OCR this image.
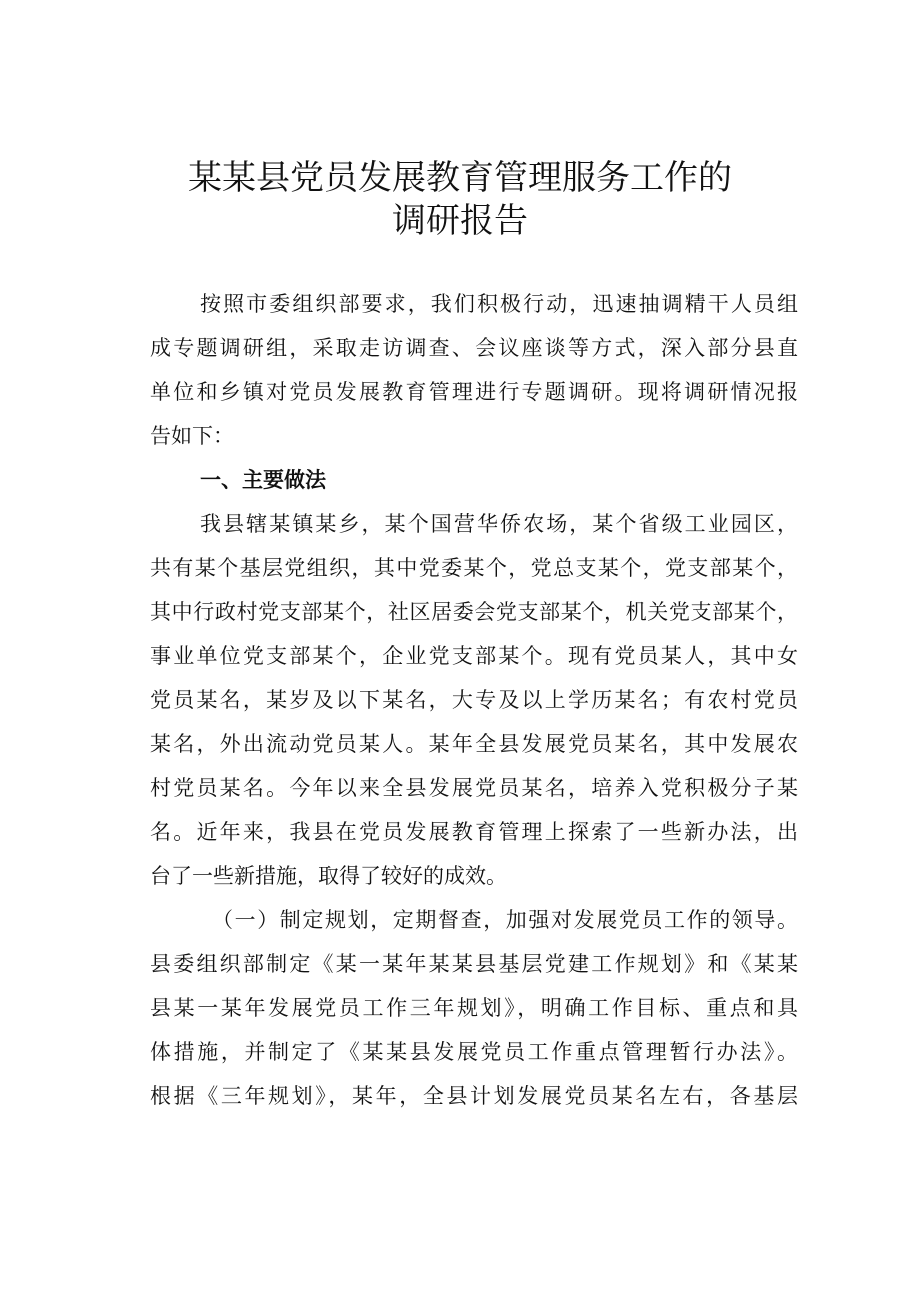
某某县党员发展教育管理服务工作的
调研报告
按照市委组织部要求，我们积极行动，迅速抽调精干人员组
成专题调研组，采取走访调查、会议座谈等方式，深入部分县直
单位和乡镇对党员发展教育管理进行专题调研。现将调研情况报
告如下：
一、主要做法
我县辖某镇某乡，某个国营华侨农场，某个省级工业园区，
共有某个基层党组织，其中党委某个，党总支某个，党支部某个，
其中行政村党支部某个，社区居委会党支部某个，机关党支部某个，
事业单位党支部某个，企业党支部某个。现有党员某人，其中女
党员某名，某岁及以下某名，大专及以上学历某名；有农村党员
某名，外出流动党员某人。某年全县发展党员某名，其中发展农
村党员某名。今年以来全县发展党员某名，培养入党积极分子某
名。近年来，我县在党员发展教育管理上探索了一些新办法，出
台了一些新措施，取得了较好的成效。
（一）制定规划，定期督查，加强对发展党员工作的领导。
县委组织部制定《某一某年某某县基层党建工作规划》和《某某
县某一某年发展党员工作三年规划》，明确工作目标、重点和具
体措施，并制定了《某某县发展党员工作重点管理暂行办法》。
根据《三年规划》，某年，全县计划发展党员某名左右，各基层
